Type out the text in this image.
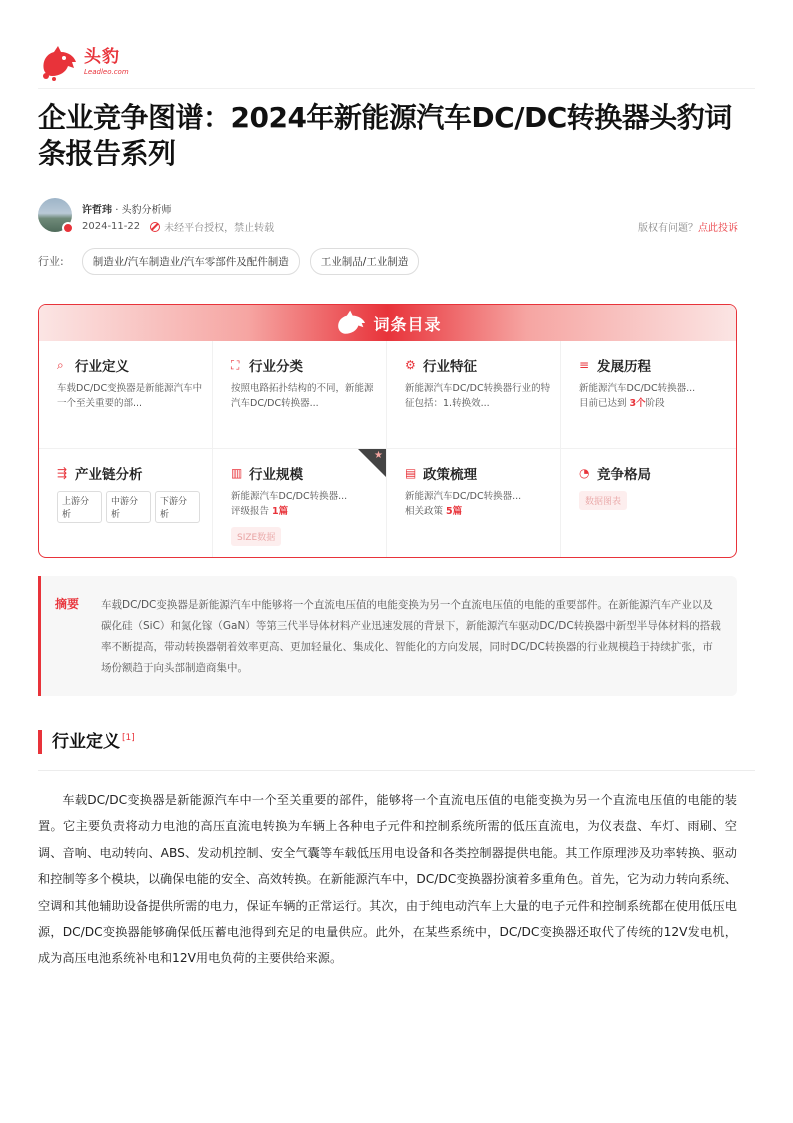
头豹
Leadleo.com
企业竞争图谱：2024年新能源汽车DC/DC转换器头豹词条报告系列
许哲玮 · 头豹分析师
2024-11-22 未经平台授权，禁止转载	版权有问题？点此投诉
行业:	制造业/汽车制造业/汽车零部件及配件制造	工业制品/工业制造
词条目录
⌕ 行业定义
车载DC/DC变换器是新能源汽车中一个至关重要的部...
⛶ 行业分类
按照电路拓扑结构的不同，新能源汽车DC/DC转换器...
⚙ 行业特征
新能源汽车DC/DC转换器行业的特征包括：1.转换效...
≡ 发展历程
新能源汽车DC/DC转换器...
目前已达到 3个阶段
⇶ 产业链分析
上游分析
中游分析
下游分析
★
▥ 行业规模
新能源汽车DC/DC转换器...
评级报告 1篇
SIZE数据
▤ 政策梳理
新能源汽车DC/DC转换器...
相关政策 5篇
◔ 竞争格局
数据图表
摘要 车载DC/DC变换器是新能源汽车中能够将一个直流电压值的电能变换为另一个直流电压值的电能的重要部件。在新能源汽车产业以及碳化硅（SiC）和氮化镓（GaN）等第三代半导体材料产业迅速发展的背景下，新能源汽车驱动DC/DC转换器中新型半导体材料的搭载率不断提高，带动转换器朝着效率更高、更加轻量化、集成化、智能化的方向发展，同时DC/DC转换器的行业规模趋于持续扩张，市场份额趋于向头部制造商集中。
行业定义 [1]

车载DC/DC变换器是新能源汽车中一个至关重要的部件，能够将一个直流电压值的电能变换为另一个直流电压值的电能的装置。它主要负责将动力电池的高压直流电转换为车辆上各种电子元件和控制系统所需的低压直流电，为仪表盘、车灯、雨刷、空调、音响、电动转向、ABS、发动机控制、安全气囊等车载低压用电设备和各类控制器提供电能。其工作原理涉及功率转换、驱动和控制等多个模块，以确保电能的安全、高效转换。在新能源汽车中，DC/DC变换器扮演着多重角色。首先，它为动力转向系统、空调和其他辅助设备提供所需的电力，保证车辆的正常运行。其次，由于纯电动汽车上大量的电子元件和控制系统都在使用低压电源，DC/DC变换器能够确保低压蓄电池得到充足的电量供应。此外，在某些系统中，DC/DC变换器还取代了传统的12V发电机，成为高压电池系统补电和12V用电负荷的主要供给来源。
